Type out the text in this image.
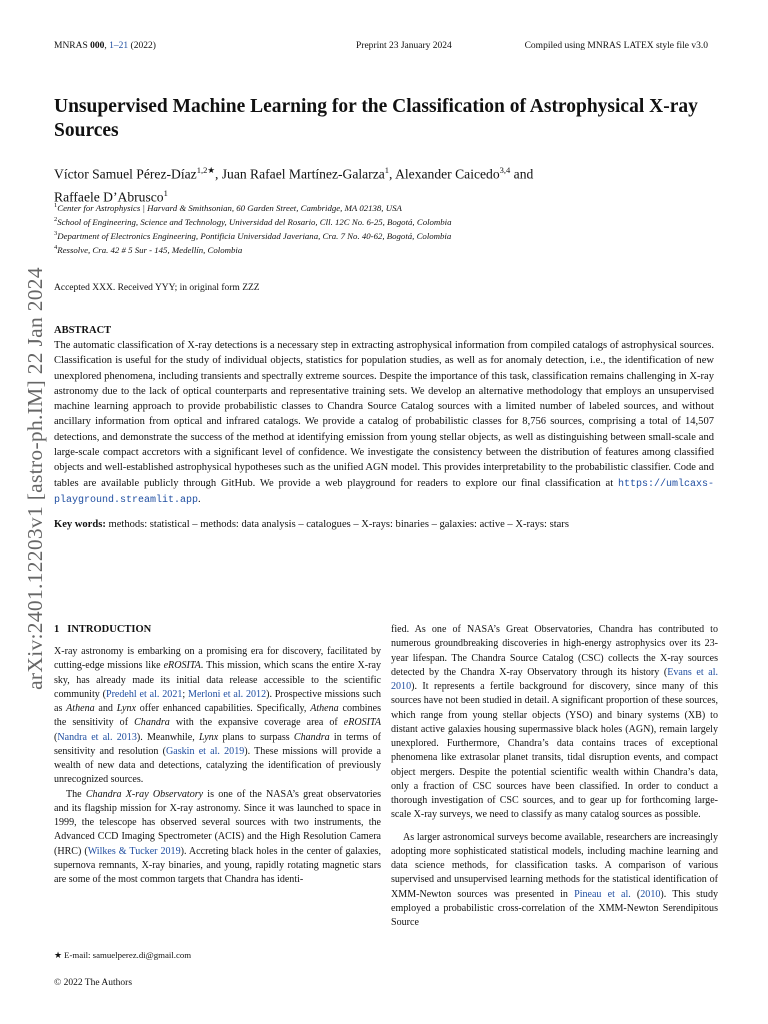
MNRAS 000, 1–21 (2022)	Preprint 23 January 2024	Compiled using MNRAS LATEX style file v3.0
arXiv:2401.12203v1 [astro-ph.IM] 22 Jan 2024
Unsupervised Machine Learning for the Classification of Astrophysical X-ray Sources
Víctor Samuel Pérez-Díaz$^{1,2★}$, Juan Rafael Martínez-Galarza$^1$, Alexander Caicedo$^{3,4}$ and
Raffaele D’Abrusco$^1$
$^1$Center for Astrophysics | Harvard & Smithsonian, 60 Garden Street, Cambridge, MA 02138, USA
$^2$School of Engineering, Science and Technology, Universidad del Rosario, Cll. 12C No. 6-25, Bogotá, Colombia
$^3$Department of Electronics Engineering, Pontificia Universidad Javeriana, Cra. 7 No. 40-62, Bogotá, Colombia
$^4$Ressolve, Cra. 42 # 5 Sur - 145, Medellín, Colombia
Accepted XXX. Received YYY; in original form ZZZ
ABSTRACT

The automatic classification of X-ray detections is a necessary step in extracting astrophysical information from compiled catalogs of astrophysical sources. Classification is useful for the study of individual objects, statistics for population studies, as well as for anomaly detection, i.e., the identification of new unexplored phenomena, including transients and spectrally extreme sources. Despite the importance of this task, classification remains challenging in X-ray astronomy due to the lack of optical counterparts and representative training sets. We develop an alternative methodology that employs an unsupervised machine learning approach to provide probabilistic classes to Chandra Source Catalog sources with a limited number of labeled sources, and without ancillary information from optical and infrared catalogs. We provide a catalog of probabilistic classes for 8,756 sources, comprising a total of 14,507 detections, and demonstrate the success of the method at identifying emission from young stellar objects, as well as distinguishing between small-scale and large-scale compact accretors with a significant level of confidence. We investigate the consistency between the distribution of features among classified objects and well-established astrophysical hypotheses such as the unified AGN model. This provides interpretability to the probabilistic classifier. Code and tables are available publicly through GitHub. We provide a web playground for readers to explore our final classification at https://umlcaxs-playground.streamlit.app.

Key words: methods: statistical – methods: data analysis – catalogues – X-rays: binaries – galaxies: active – X-rays: stars

1 INTRODUCTION

X-ray astronomy is embarking on a promising era for discovery, facilitated by cutting-edge missions like eROSITA. This mission, which scans the entire X-ray sky, has already made its initial data release accessible to the scientific community (Predehl et al. 2021; Merloni et al. 2012). Prospective missions such as Athena and Lynx offer enhanced capabilities. Specifically, Athena combines the sensitivity of Chandra with the expansive coverage area of eROSITA (Nandra et al. 2013). Meanwhile, Lynx plans to surpass Chandra in terms of sensitivity and resolution (Gaskin et al. 2019). These missions will provide a wealth of new data and detections, catalyzing the identification of previously unrecognized sources.

The Chandra X-ray Observatory is one of the NASA’s great observatories and its flagship mission for X-ray astronomy. Since it was launched to space in 1999, the telescope has observed several sources with two instruments, the Advanced CCD Imaging Spectrometer (ACIS) and the High Resolution Camera (HRC) (Wilkes & Tucker 2019). Accreting black holes in the center of galaxies, supernova remnants, X-ray binaries, and young, rapidly rotating magnetic stars are some of the most common targets that Chandra has identi-

fied. As one of NASA’s Great Observatories, Chandra has contributed to numerous groundbreaking discoveries in high-energy astrophysics over its 23-year lifespan. The Chandra Source Catalog (CSC) collects the X-ray sources detected by the Chandra X-ray Observatory through its history (Evans et al. 2010). It represents a fertile background for discovery, since many of this sources have not been studied in detail. A significant proportion of these sources, which range from young stellar objects (YSO) and binary systems (XB) to distant active galaxies housing supermassive black holes (AGN), remain largely unexplored. Furthermore, Chandra’s data contains traces of exceptional phenomena like extrasolar planet transits, tidal disruption events, and compact object mergers. Despite the potential scientific wealth within Chandra’s data, only a fraction of CSC sources have been classified. In order to conduct a thorough investigation of CSC sources, and to gear up for forthcoming large-scale X-ray surveys, we need to classify as many catalog sources as possible.

As larger astronomical surveys become available, researchers are increasingly adopting more sophisticated statistical models, including machine learning and data science methods, for classification tasks. A comparison of various supervised and unsupervised learning methods for the statistical identification of XMM-Newton sources was presented in Pineau et al. (2010). This study employed a probabilistic cross-correlation of the XMM-Newton Serendipitous Source

★ E-mail: samuelperez.di@gmail.com
© 2022 The Authors
